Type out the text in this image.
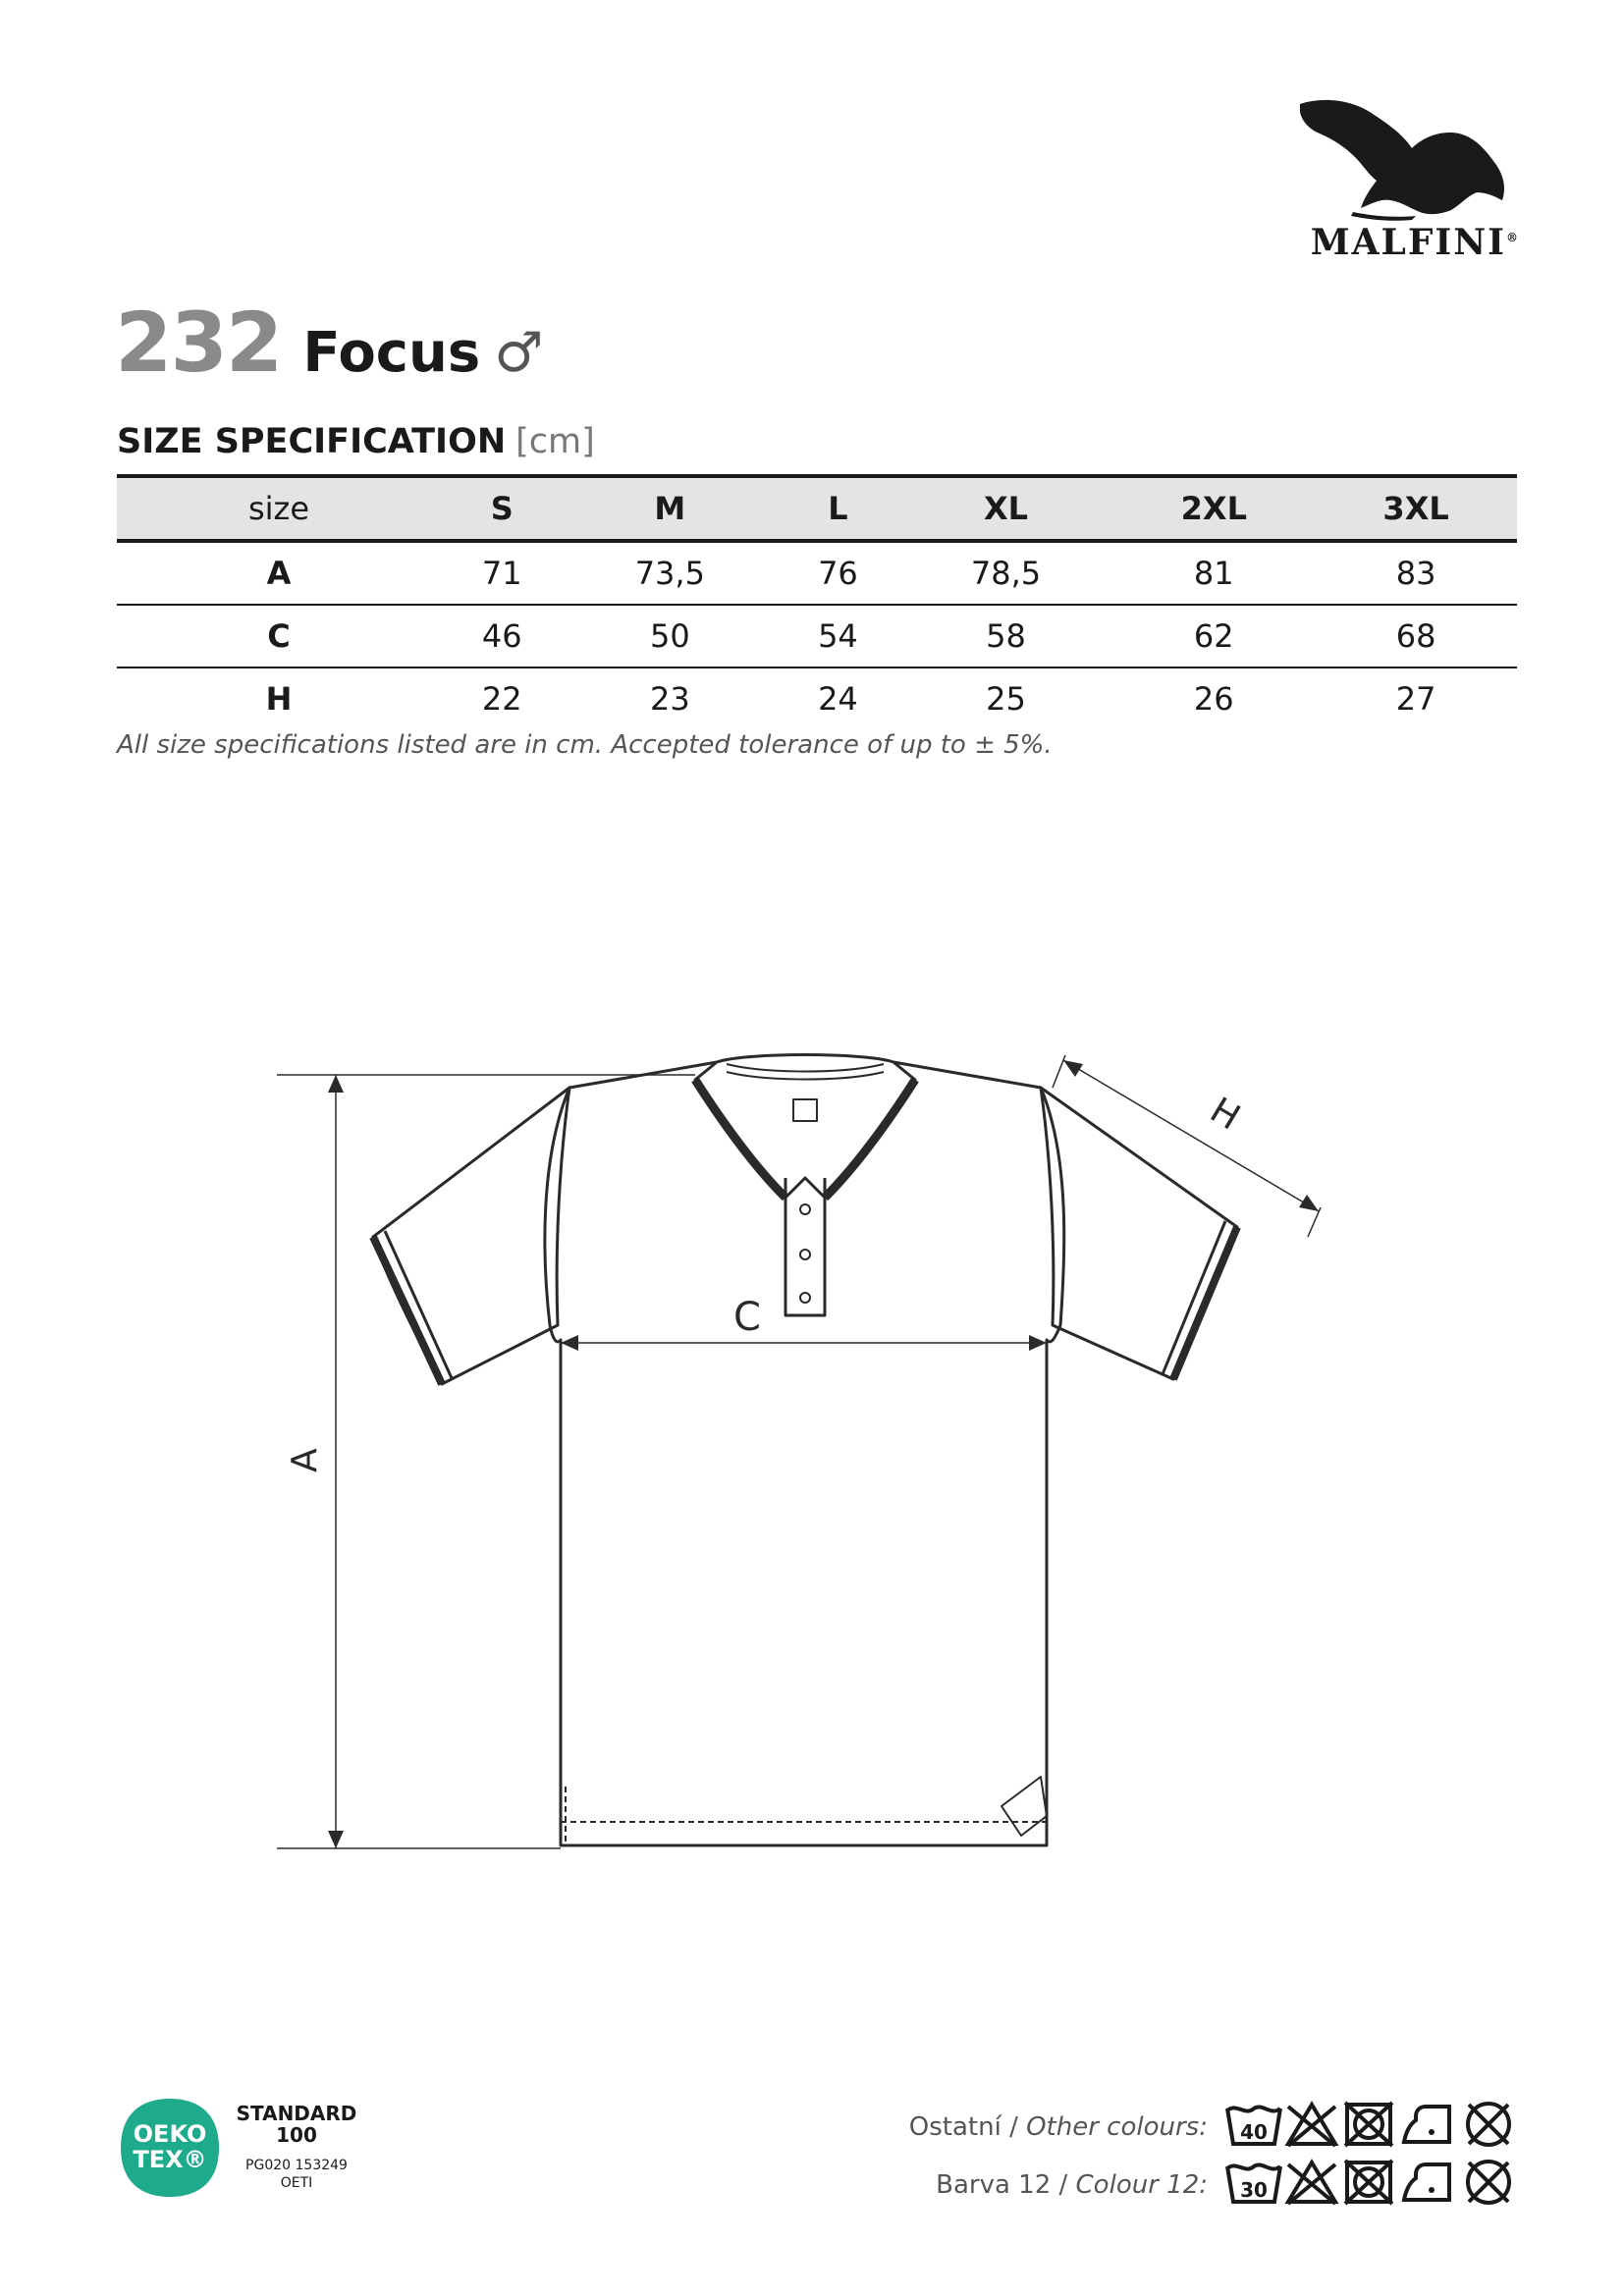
MALFINI®
232 Focus ♂
SIZE SPECIFICATION [cm]
size	S	M	L	XL	2XL	3XL
A	71	73,5	76	78,5	81	83
C	46	50	54	58	62	68
H	22	23	24	25	26	27
All size specifications listed are in cm. Accepted tolerance of up to ± 5%.
A
C
H
OEKO
TEX®
STANDARD
100
PG020 153249
OETI
Ostatní / Other colours:
Barva 12 / Colour 12:
40
30
